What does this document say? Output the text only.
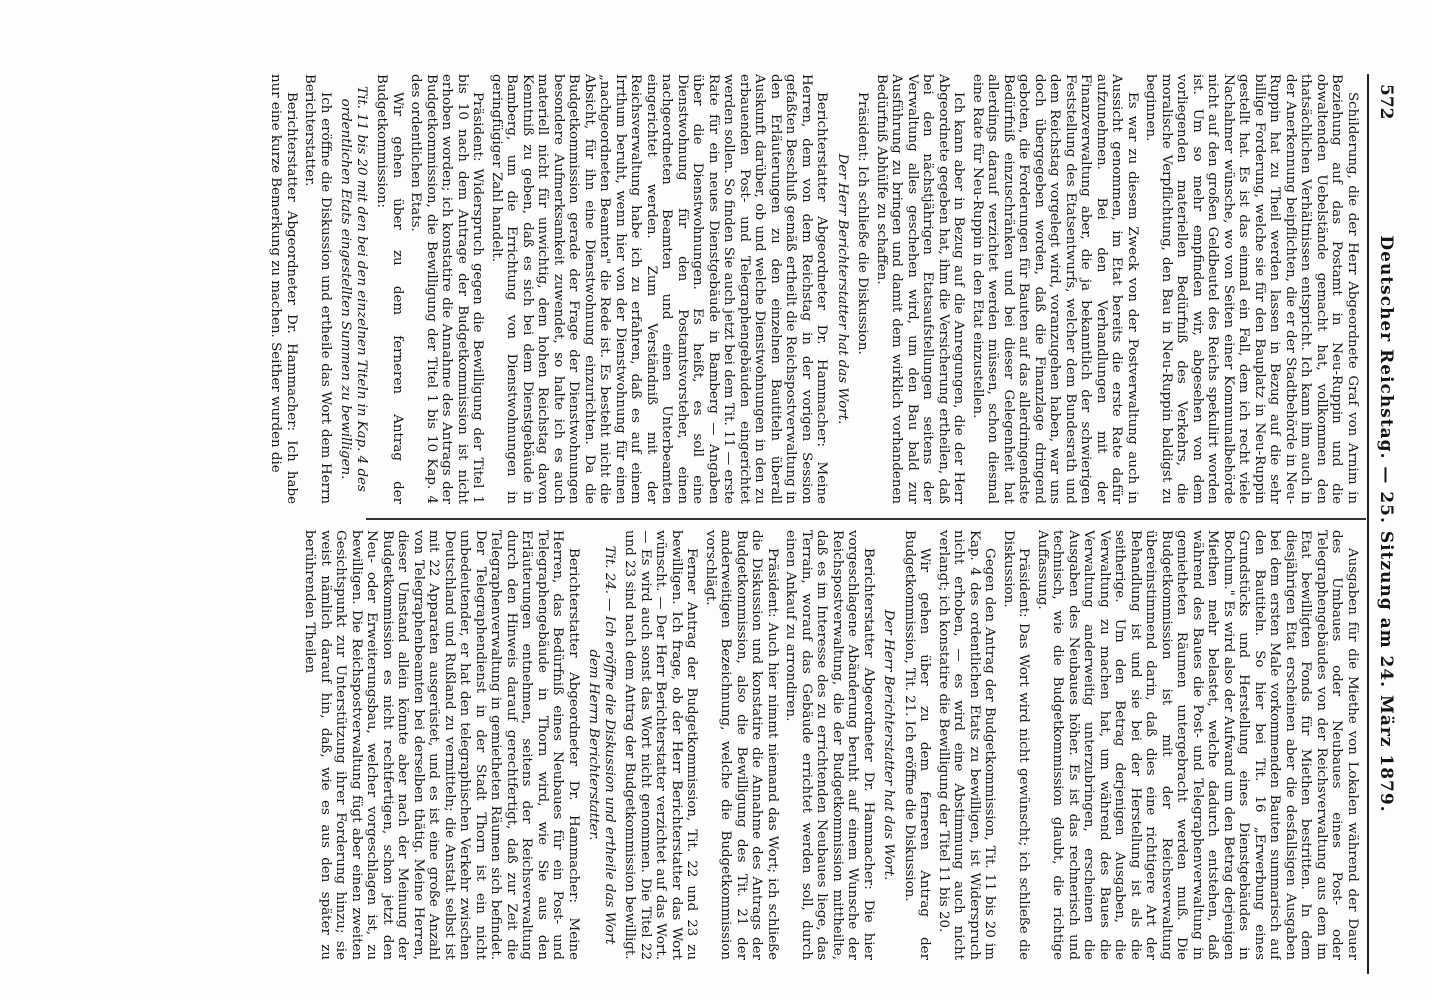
572
Deutscher Reichstag. — 25. Sitzung am 24. März 1879.

Schilderung, die der Herr Abgeordnete Graf von Arnim in Beziehung auf das Postamt in Neu-Ruppin und die obwaltenden Uebelstände gemacht hat, vollkommen den thatsächlichen Verhältnissen entspricht. Ich kann ihm auch in der Anerkennung beipflichten, die er der Stadtbehörde in Neu-Ruppin hat zu Theil werden lassen in Bezug auf die sehr billige Forderung, welche sie für den Bauplatz in Neu-Ruppin gestellt hat. Es ist das einmal ein Fall, dem ich recht viele Nachahmer wünsche, wo von Seiten einer Kommunalbehörde nicht auf den großen Geldbeutel des Reichs spekulirt worden ist. Um so mehr empfinden wir, abgesehen von dem vorliegenden materiellen Bedürfniß des Verkehrs, die moralische Verpflichtung, den Bau in Neu-Ruppin baldigst zu beginnen.

Es war zu diesem Zweck von der Postverwaltung auch in Aussicht genommen, im Etat bereits die erste Rate dafür aufzunehmen. Bei den Verhandlungen mit der Finanzverwaltung aber, die ja bekanntlich der schwierigen Feststellung des Etatsentwurfs, welcher dem Bundesrath und dem Reichstag vorgelegt wird, voranzugehen haben, war uns doch übergegeben worden, daß die Finanzlage dringend geboten, die Forderungen für Bauten auf das allerdringendste Bedürfniß einzuschränken und bei dieser Gelegenheit hat allerdings darauf verzichtet werden müssen, schon diesmal eine Rate für Neu-Ruppin in den Etat einzustellen.

Ich kann aber in Bezug auf die Anregungen, die der Herr Abgeordnete gegeben hat, ihm die Versicherung ertheilen, daß bei den nächstjährigen Etatsaufstellungen seitens der Verwaltung alles geschehen wird, um den Bau bald zur Ausführung zu bringen und damit dem wirklich vorhandenen Bedürfniß Abhülfe zu schaffen.

Präsident: Ich schließe die Diskussion.

Der Herr Berichterstatter hat das Wort.

Berichterstatter Abgeordneter Dr. Hammacher: Meine Herren, dem von dem Reichstag in der vorigen Session gefaßten Beschluß gemäß ertheilt die Reichspostverwaltung in den Erläuterungen zu den einzelnen Bautiteln überall Auskunft darüber, ob und welche Dienstwohnungen in den zu erbauenden Post- und Telegraphengebäuden eingerichtet werden sollen. So finden Sie auch jetzt bei dem Tit. 11 — erste Rate für ein neues Dienstgebäude in Bamberg — Angaben über die Dienstwohnungen. Es heißt, es soll eine Dienstwohnung für den Postamtsvorsteher, einen nachgeordneten Beamten und einen Unterbeamten eingerichtet werden. Zum Verständniß mit der Reichsverwaltung habe ich zu erfahren, daß es auf einem Irrthum beruht, wenn hier von der Dienstwohnung für einen „nachgeordneten Beamten" die Rede ist. Es besteht nicht die Absicht, für ihn eine Dienstwohnung einzurichten. Da die Budgetkommission gerade der Frage der Dienstwohnungen besondere Aufmerksamkeit zuwendet, so halte ich es auch materiell nicht für unwichtig, dem hohen Reichstag davon Kenntniß zu geben, daß es sich bei dem Dienstgebäude in Bamberg, um die Errichtung von Dienstwohnungen in geringfügiger Zahl handelt.

Präsident: Widerspruch gegen die Bewilligung der Titel 1 bis 10 nach dem Antrage der Budgetkommission ist nicht erhoben worden; ich konstatire die Annahme des Antrags der Budgetkommission, die Bewilligung der Titel 1 bis 10 Kap. 4 des ordentlichen Etats.

Wir gehen über zu dem ferneren Antrag der Budgetkommission:

Tit. 11 bis 20 mit den bei den einzelnen Titeln in Kap. 4 des ordentlichen Etats eingestellten Summen zu bewilligen.

Ich eröffne die Diskussion und ertheile das Wort dem Herrn Berichterstatter.

Berichterstatter Abgeordneter Dr. Hammacher: Ich habe nur eine kurze Bemerkung zu machen. Seither wurden die

Ausgaben für die Miethe von Lokalen während der Dauer des Umbaues oder Neubaues eines Post- oder Telegraphengebäudes von der Reichsverwaltung aus dem im Etat bewilligten Fonds für Miethen bestritten. In dem diesjährigen Etat erscheinen aber die desfallsigen Ausgaben bei dem ersten Male vorkommenden Bauten summarisch auf den Bautiteln. So hier bei Tit. 16 „Erwerbung eines Grundstücks und Herstellung eines Dienstgebäudes in Bochum." Es wird also der Aufwand um den Betrag derjenigen Miethen mehr belastet, welche dadurch entstehen, daß während des Baues die Post- und Telegraphenverwaltung in gemietheten Räumen untergebracht werden muß. Die Budgetkommission ist mit der Reichsverwaltung übereinstimmend darin, daß dies eine richtigere Art der Behandlung ist und sie bei der Herstellung ist als die seitherige. Um den Betrag derjenigen Ausgaben, die Verwaltung zu machen hat, um während des Baues die Verwaltung anderweitig unterzubringen, erscheinen die Ausgaben des Neubaues höher. Es ist das rechnerisch und technisch, wie die Budgetkommission glaubt, die richtige Auffassung.

Präsident: Das Wort wird nicht gewünscht; ich schließe die Diskussion.

Gegen den Antrag der Budgetkommission, Tit. 11 bis 20 im Kap. 4 des ordentlichen Etats zu bewilligen, ist Widerspruch nicht erhoben, — es wird eine Abstimmung auch nicht verlangt; ich konstatire die Bewilligung der Titel 11 bis 20.

Wir gehen über zu dem ferneren Antrag der Budgetkommission, Tit. 21. Ich eröffne die Diskussion.

Der Herr Berichterstatter hat das Wort.

Berichterstatter Abgeordneter Dr. Hammacher: Die hier vorgeschlagene Abänderung beruht auf einem Wunsche der Reichspostverwaltung, die der Budgetkommission mittheilte, daß es im Interesse des zu errichtenden Neubaues liege, das Terrain, worauf das Gebäude errichtet werden soll, durch einen Ankauf zu arrondiren.

Präsident: Auch hier nimmt niemand das Wort; ich schließe die Diskussion und konstatire die Annahme des Antrags der Budgetkommission, also die Bewilligung des Tit. 21 der anderweitigen Bezeichnung, welche die Budgetkommission vorschlägt.

Ferner Antrag der Budgetkommission, Tit. 22 und 23 zu bewilligen. Ich frage, ob der Herr Berichterstatter das Wort wünscht. — Der Herr Berichterstatter verzichtet auf das Wort. — Es wird auch sonst das Wort nicht genommen. Die Titel 22 und 23 sind nach dem Antrag der Budgetkommission bewilligt.

Tit. 24. — Ich eröffne die Diskussion und ertheile das Wort dem Herrn Berichterstatter.

Berichterstatter Abgeordneter Dr. Hammacher: Meine Herren, das Bedürfniß eines Neubaues für ein Post- und Telegraphengebäude in Thorn wird, wie Sie aus den Erläuterungen entnehmen, seitens der Reichsverwaltung durch den Hinweis darauf gerechtfertigt, daß zur Zeit die Telegraphenverwaltung in gemietheten Räumen sich befindet. Der Telegraphendienst in der Stadt Thorn ist ein nicht unbedeutender, er hat den telegraphischen Verkehr zwischen Deutschland und Rußland zu vermitteln; die Anstalt selbst ist mit 22 Apparaten ausgerüstet, und es ist eine große Anzahl von Telegraphenbeamten bei derselben thätig. Meine Herren, dieser Umstand allein könnte aber nach der Meinung der Budgetkommission es nicht rechtfertigen, schon jetzt den Neu- oder Erweiterungsbau, welcher vorgeschlagen ist, zu bewilligen. Die Reichspostverwaltung fügt aber einen zweiten Gesichtspunkt zur Unterstützung ihrer Forderung hinzu; sie weist nämlich darauf hin, daß, wie es aus den später zu berührenden Theilen
